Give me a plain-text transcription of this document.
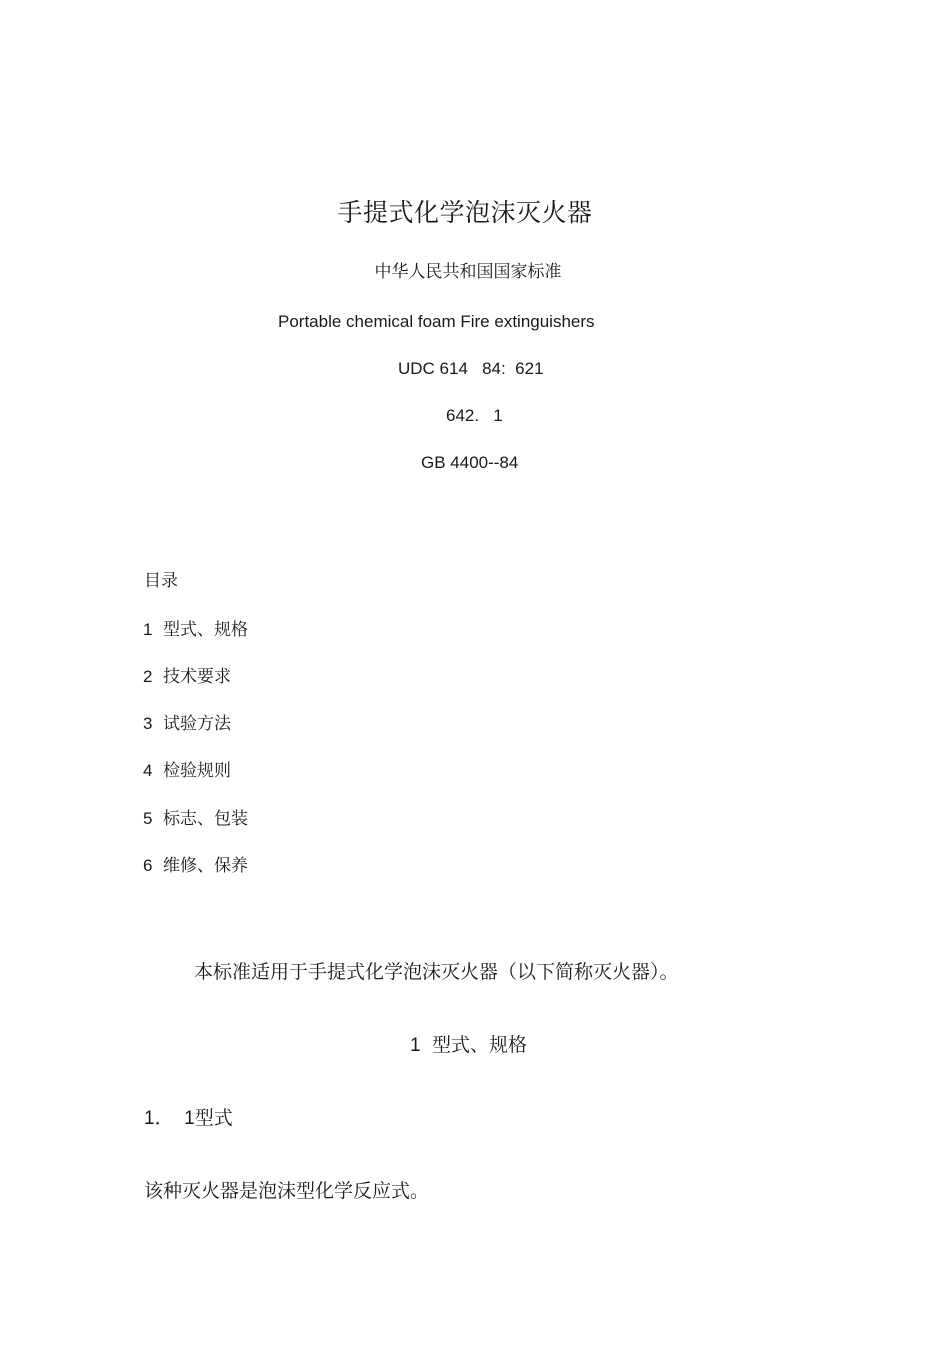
手提式化学泡沫灭火器
中华人民共和国国家标准
Portable chemical foam Fire extinguishers
UDC 614   84:  621
642.   1
GB 4400--84
目录
1 型式、规格
2 技术要求
3 试验方法
4 检验规则
5 标志、包装
6 维修、保养
本标准适用于手提式化学泡沫灭火器（以下简称灭火器）。
1 型式、规格
1．  1型式
该种灭火器是泡沫型化学反应式。
